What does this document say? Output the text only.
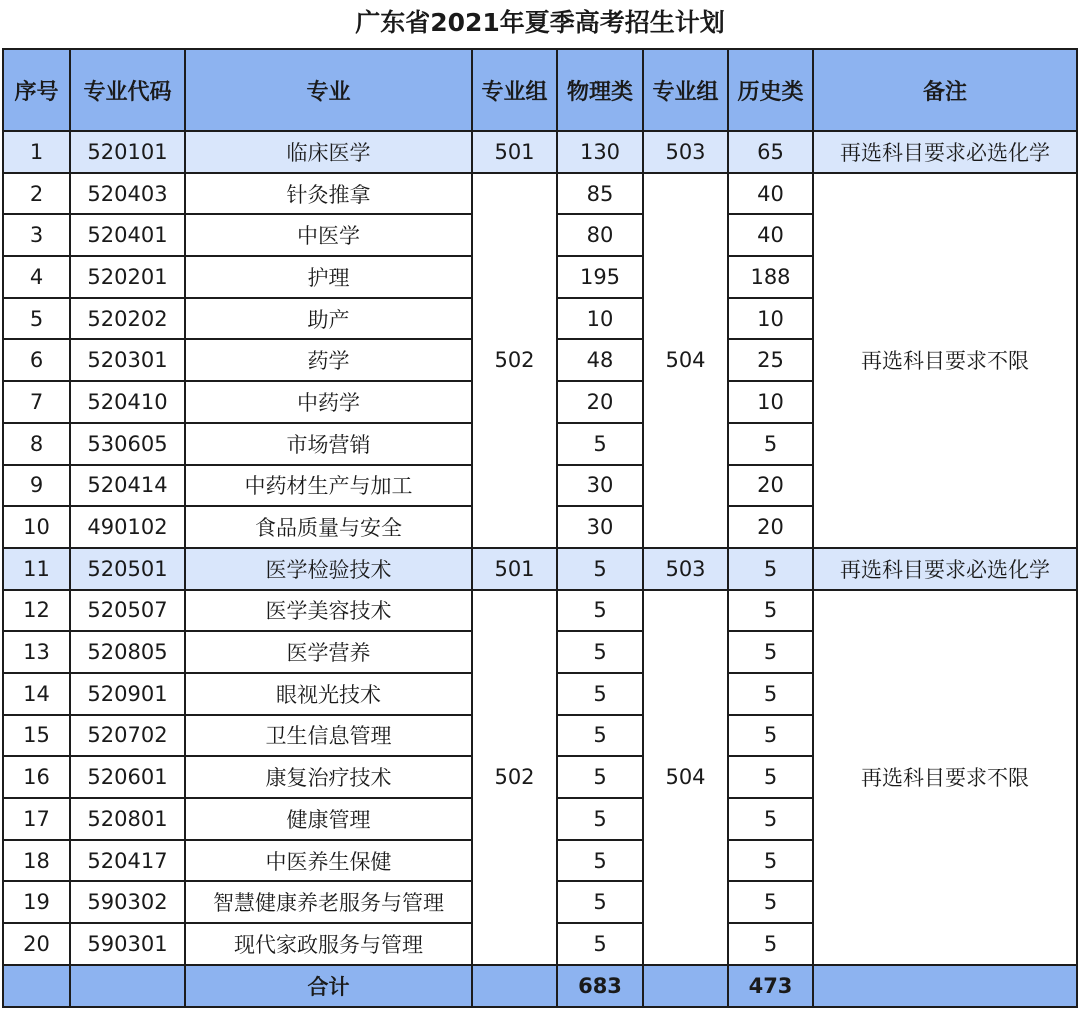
广东省2021年夏季高考招生计划
序号	专业代码	专业	专业组	物理类	专业组	历史类	备注
1	520101	临床医学	501	130	503	65	再选科目要求必选化学
2	520403	针灸推拿	502	85	504	40	再选科目要求不限
3	520401	中医学		80		40	
4	520201	护理		195		188	
5	520202	助产		10		10	
6	520301	药学		48		25	
7	520410	中药学		20		10	
8	530605	市场营销		5		5	
9	520414	中药材生产与加工		30		20	
10	490102	食品质量与安全		30		20	
11	520501	医学检验技术	501	5	503	5	再选科目要求必选化学
12	520507	医学美容技术	502	5	504	5	再选科目要求不限
13	520805	医学营养		5		5	
14	520901	眼视光技术		5		5	
15	520702	卫生信息管理		5		5	
16	520601	康复治疗技术		5		5	
17	520801	健康管理		5		5	
18	520417	中医养生保健		5		5	
19	590302	智慧健康养老服务与管理		5		5	
20	590301	现代家政服务与管理		5		5	
		合计		683		473	
